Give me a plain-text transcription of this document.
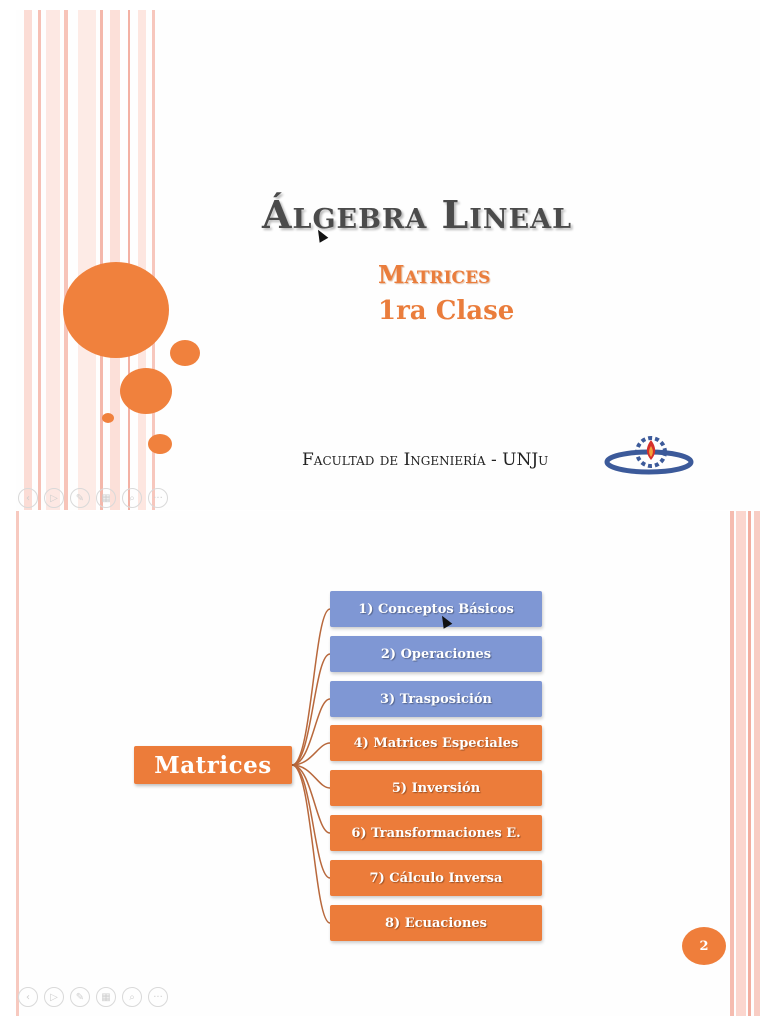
Álgebra Lineal
Matrices
1ra Clase
Facultad de Ingeniería - UNJu
‹	▷	✎	▦	⌕	···
Matrices
1) Conceptos Básicos
2) Operaciones
3) Trasposición
4) Matrices Especiales
5) Inversión
6) Transformaciones E.
7) Cálculo Inversa
8) Ecuaciones
2
‹	▷	✎	▦	⌕	···
